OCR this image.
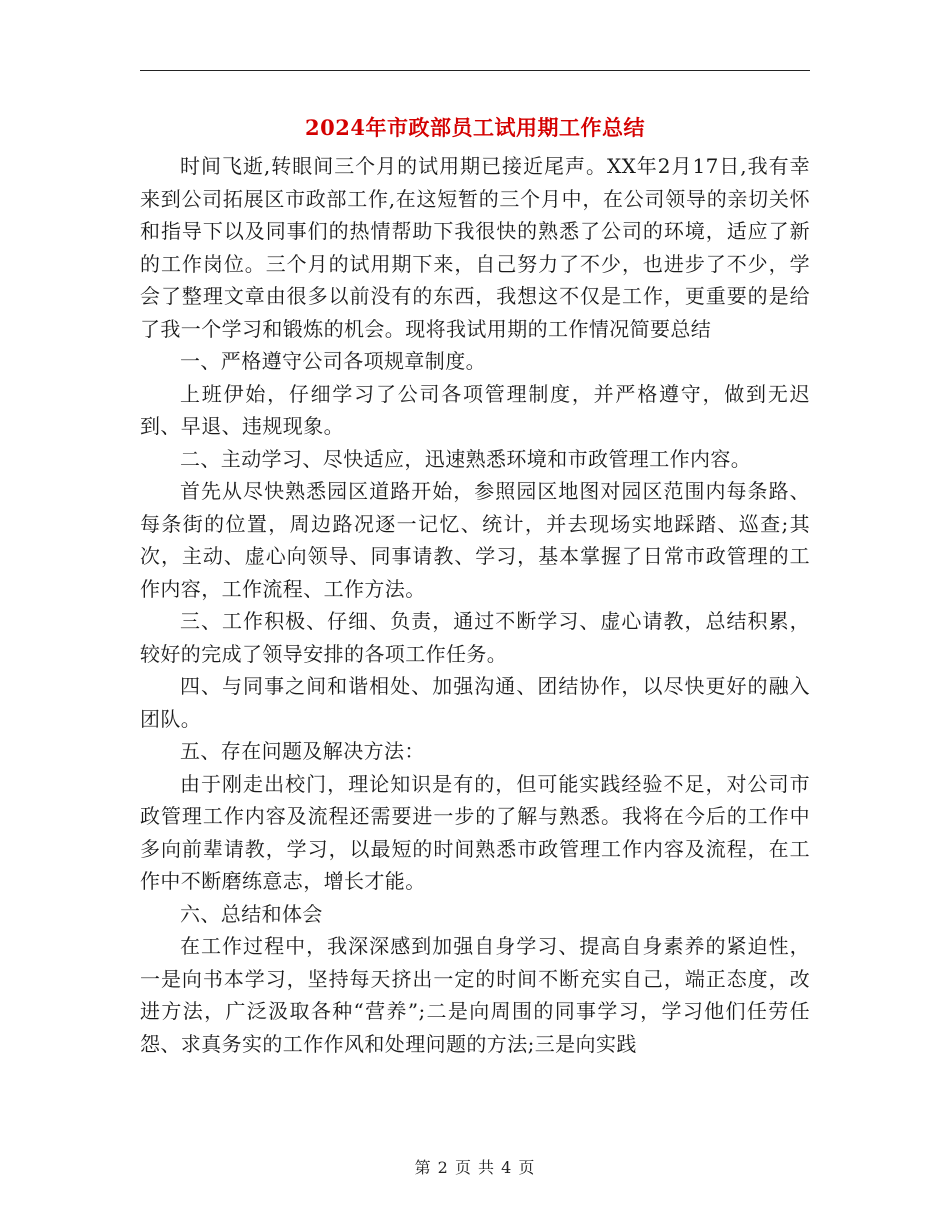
2024年市政部员工试用期工作总结

时间飞逝,转眼间三个月的试用期已接近尾声。XX年2月17日,我有幸来到公司拓展区市政部工作,在这短暂的三个月中，在公司领导的亲切关怀和指导下以及同事们的热情帮助下我很快的熟悉了公司的环境，适应了新的工作岗位。三个月的试用期下来，自己努力了不少，也进步了不少，学会了整理文章由很多以前没有的东西，我想这不仅是工作，更重要的是给了我一个学习和锻炼的机会。现将我试用期的工作情况简要总结

一、严格遵守公司各项规章制度。

上班伊始，仔细学习了公司各项管理制度，并严格遵守，做到无迟到、早退、违规现象。

二、主动学习、尽快适应，迅速熟悉环境和市政管理工作内容。

首先从尽快熟悉园区道路开始，参照园区地图对园区范围内每条路、每条街的位置，周边路况逐一记忆、统计，并去现场实地踩踏、巡查;其次，主动、虚心向领导、同事请教、学习，基本掌握了日常市政管理的工作内容，工作流程、工作方法。

三、工作积极、仔细、负责，通过不断学习、虚心请教，总结积累，较好的完成了领导安排的各项工作任务。

四、与同事之间和谐相处、加强沟通、团结协作，以尽快更好的融入团队。

五、存在问题及解决方法：

由于刚走出校门，理论知识是有的，但可能实践经验不足，对公司市政管理工作内容及流程还需要进一步的了解与熟悉。我将在今后的工作中多向前辈请教，学习，以最短的时间熟悉市政管理工作内容及流程，在工作中不断磨练意志，增长才能。

六、总结和体会

在工作过程中，我深深感到加强自身学习、提高自身素养的紧迫性，一是向书本学习，坚持每天挤出一定的时间不断充实自己，端正态度，改进方法，广泛汲取各种“营养”;二是向周围的同事学习，学习他们任劳任怨、求真务实的工作作风和处理问题的方法;三是向实践

第 2 页 共 4 页
